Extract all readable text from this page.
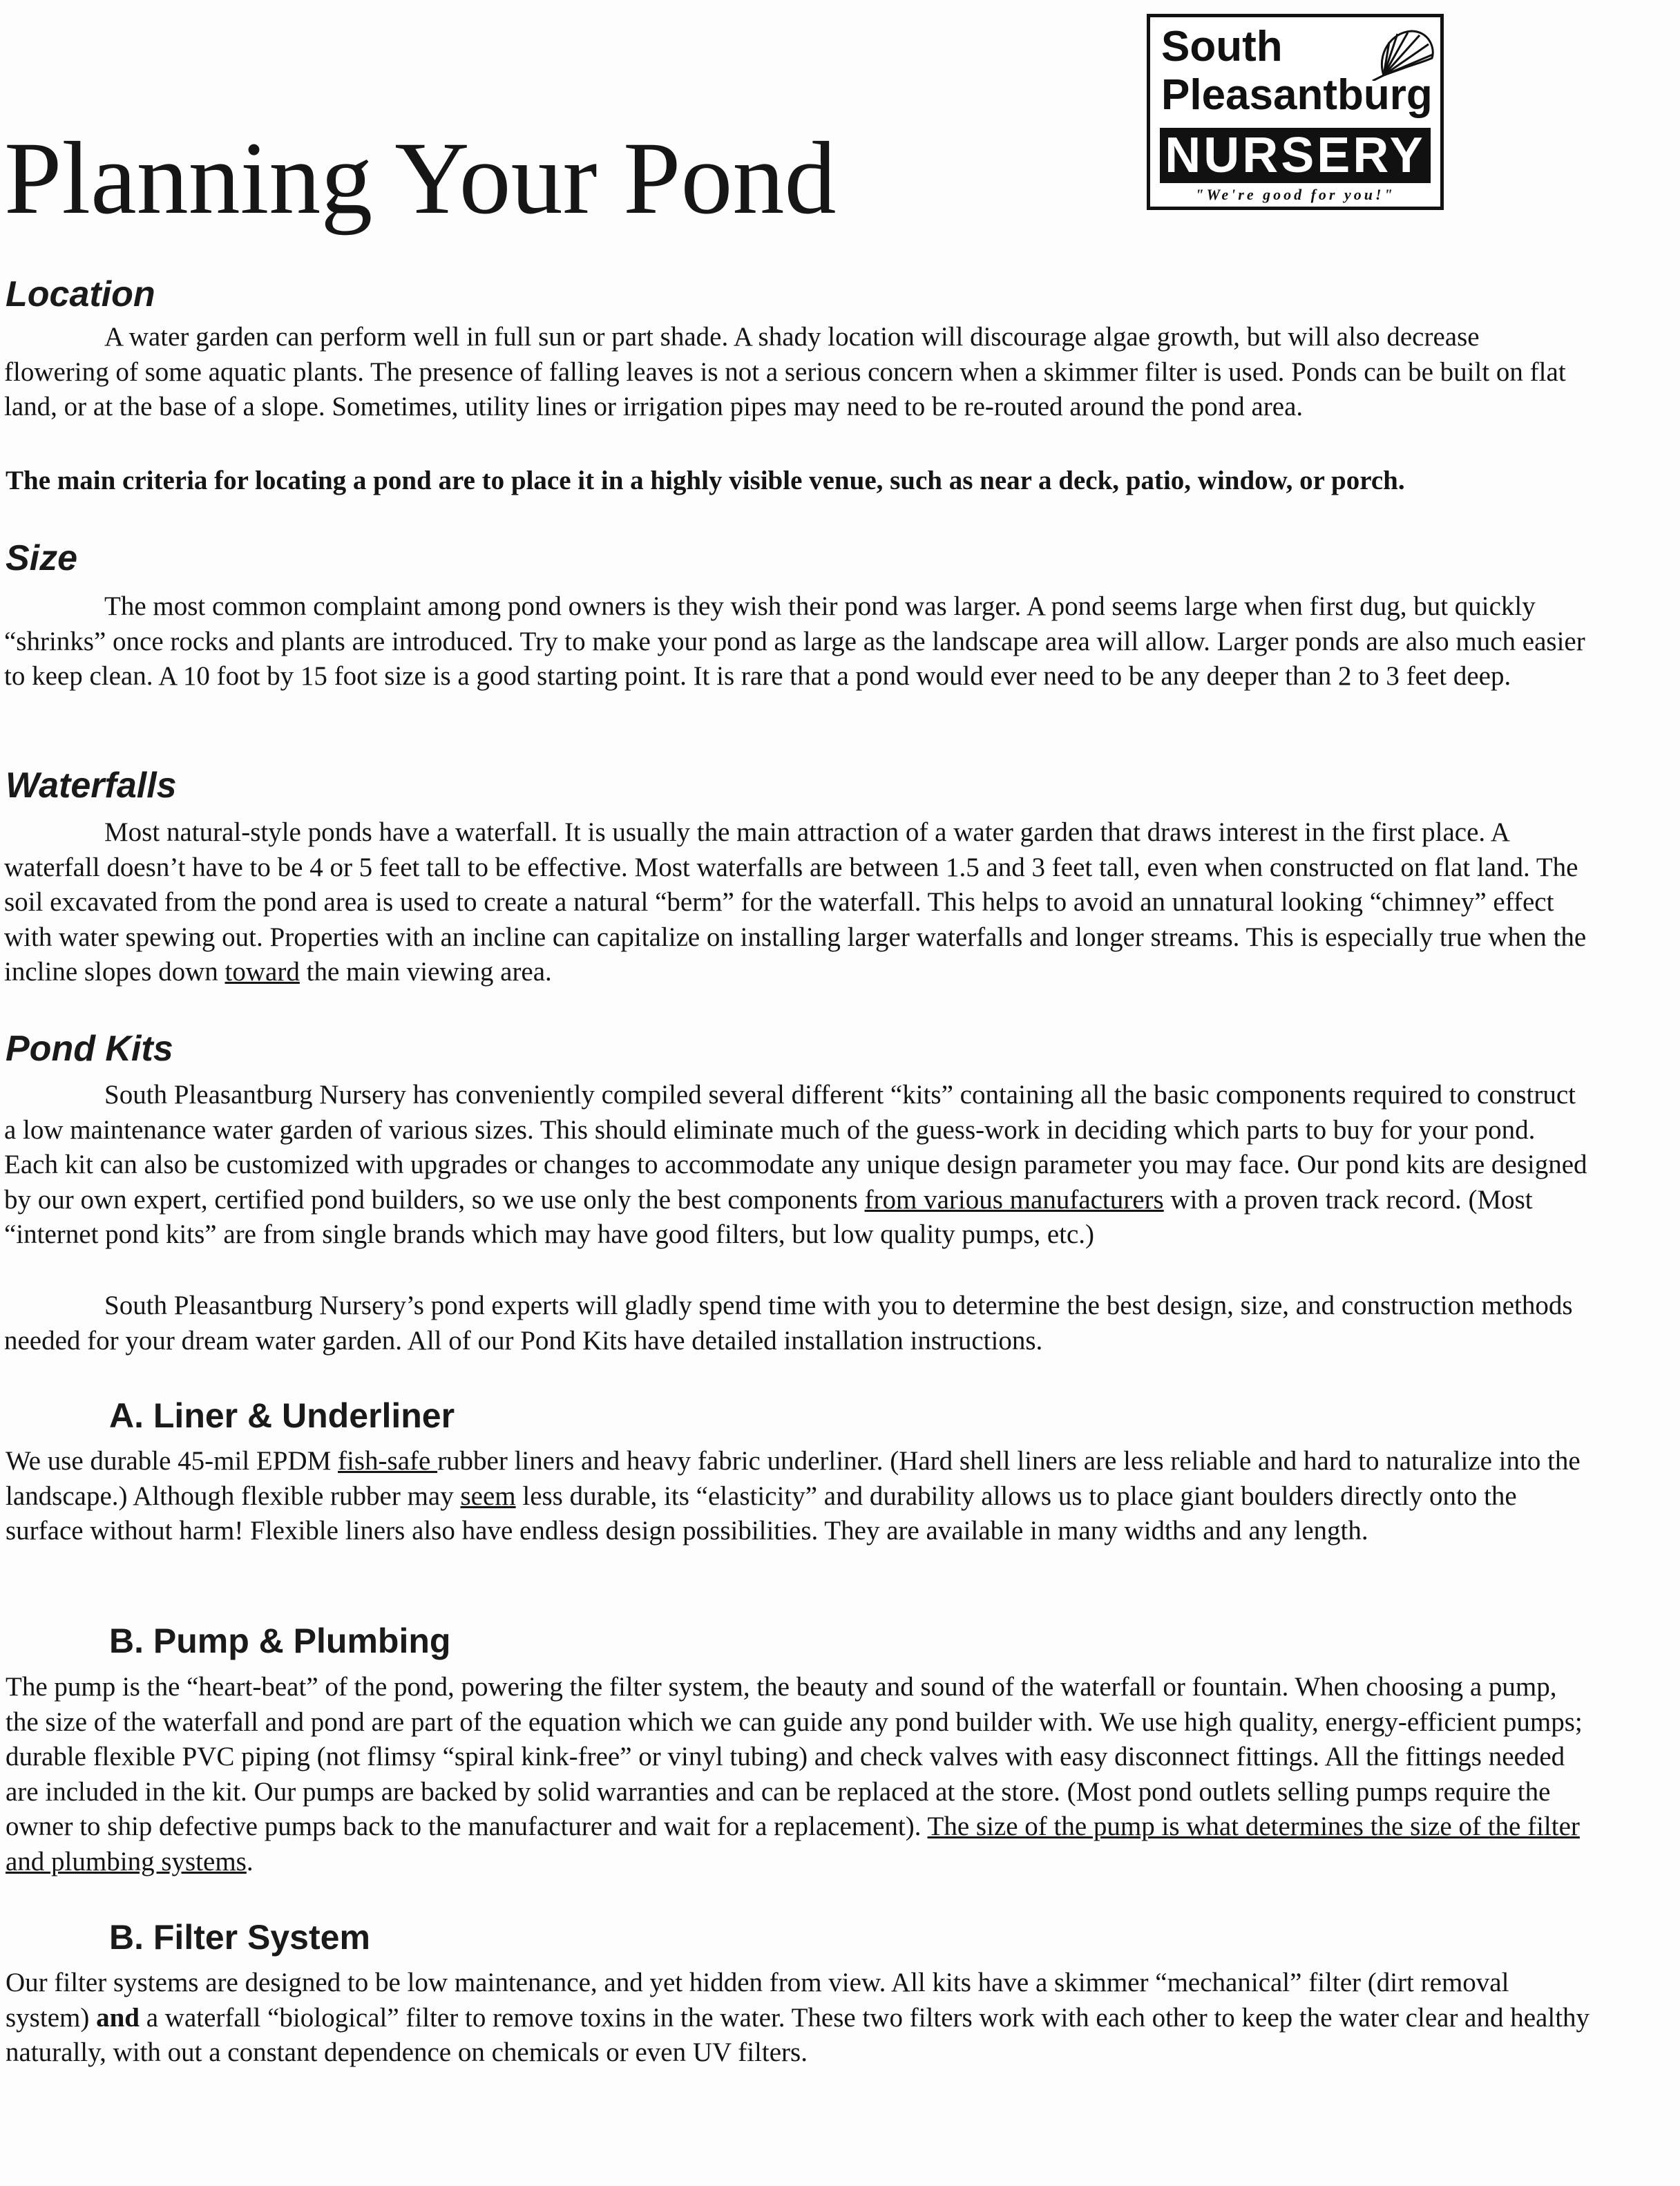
Planning Your Pond
South
Pleasantburg
NURSERY
"We're good for you!"
Location

A water garden can perform well in full sun or part shade. A shady location will discourage algae growth, but will also decrease flowering of some aquatic plants. The presence of falling leaves is not a serious concern when a skimmer filter is used. Ponds can be built on flat land, or at the base of a slope. Sometimes, utility lines or irrigation pipes may need to be re-routed around the pond area.

The main criteria for locating a pond are to place it in a highly visible venue, such as near a deck, patio, window, or porch.

Size

The most common complaint among pond owners is they wish their pond was larger. A pond seems large when first dug, but quickly “shrinks” once rocks and plants are introduced. Try to make your pond as large as the landscape area will allow. Larger ponds are also much easier to keep clean. A 10 foot by 15 foot size is a good starting point. It is rare that a pond would ever need to be any deeper than 2 to 3 feet deep.

Waterfalls

Most natural-style ponds have a waterfall. It is usually the main attraction of a water garden that draws interest in the first place. A waterfall doesn’t have to be 4 or 5 feet tall to be effective. Most waterfalls are between 1.5 and 3 feet tall, even when constructed on flat land. The soil excavated from the pond area is used to create a natural “berm” for the waterfall. This helps to avoid an unnatural looking “chimney” effect with water spewing out. Properties with an incline can capitalize on installing larger waterfalls and longer streams. This is especially true when the incline slopes down toward the main viewing area.

Pond Kits

South Pleasantburg Nursery has conveniently compiled several different “kits” containing all the basic components required to construct a low maintenance water garden of various sizes. This should eliminate much of the guess-work in deciding which parts to buy for your pond. Each kit can also be customized with upgrades or changes to accommodate any unique design parameter you may face. Our pond kits are designed by our own expert, certified pond builders, so we use only the best components from various manufacturers with a proven track record. (Most “internet pond kits” are from single brands which may have good filters, but low quality pumps, etc.)

South Pleasantburg Nursery’s pond experts will gladly spend time with you to determine the best design, size, and construction methods needed for your dream water garden. All of our Pond Kits have detailed installation instructions.

A. Liner & Underliner

We use durable 45-mil EPDM fish-safe rubber liners and heavy fabric underliner. (Hard shell liners are less reliable and hard to naturalize into the landscape.) Although flexible rubber may seem less durable, its “elasticity” and durability allows us to place giant boulders directly onto the surface without harm! Flexible liners also have endless design possibilities. They are available in many widths and any length.

B. Pump & Plumbing

The pump is the “heart-beat” of the pond, powering the filter system, the beauty and sound of the waterfall or fountain. When choosing a pump, the size of the waterfall and pond are part of the equation which we can guide any pond builder with. We use high quality, energy-efficient pumps; durable flexible PVC piping (not flimsy “spiral kink-free” or vinyl tubing) and check valves with easy disconnect fittings. All the fittings needed are included in the kit. Our pumps are backed by solid warranties and can be replaced at the store. (Most pond outlets selling pumps require the owner to ship defective pumps back to the manufacturer and wait for a replacement). The size of the pump is what determines the size of the filter and plumbing systems.

B. Filter System

Our filter systems are designed to be low maintenance, and yet hidden from view. All kits have a skimmer “mechanical” filter (dirt removal system) and a waterfall “biological” filter to remove toxins in the water. These two filters work with each other to keep the water clear and healthy naturally, with out a constant dependence on chemicals or even UV filters.
